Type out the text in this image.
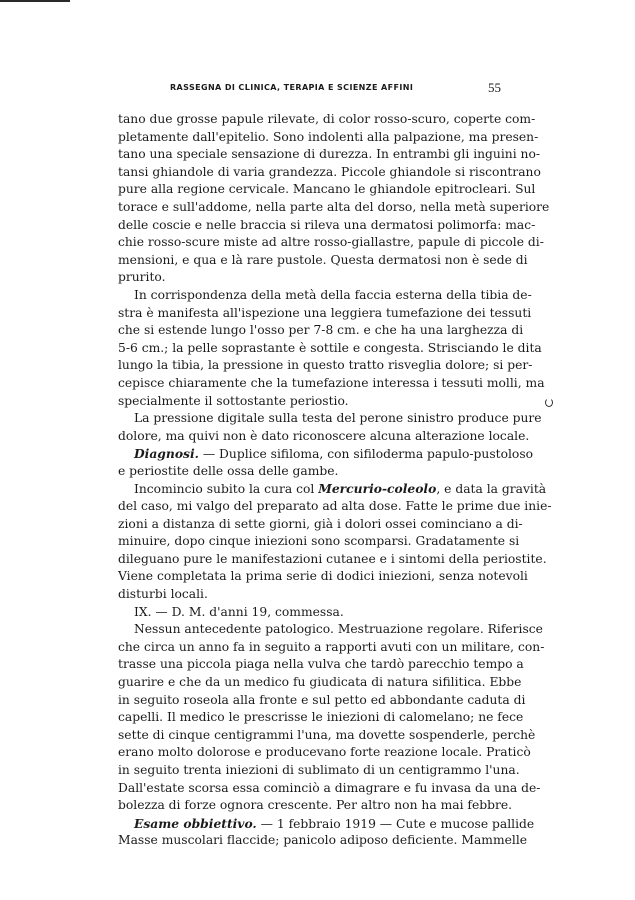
RASSEGNA DI CLINICA, TERAPIA E SCIENZE AFFINI	55
tano due grosse papule rilevate, di color rosso-scuro, coperte com-
pletamente dall'epitelio. Sono indolenti alla palpazione, ma presen-
tano una speciale sensazione di durezza. In entrambi gli inguini no-
tansi ghiandole di varia grandezza. Piccole ghiandole si riscontrano
pure alla regione cervicale. Mancano le ghiandole epitrocleari. Sul
torace e sull'addome, nella parte alta del dorso, nella metà superiore
delle coscie e nelle braccia si rileva una dermatosi polimorfa: mac-
chie rosso-scure miste ad altre rosso-giallastre, papule di piccole di-
mensioni, e qua e là rare pustole. Questa dermatosi non è sede di
prurito.
In corrispondenza della metà della faccia esterna della tibia de-
stra è manifesta all'ispezione una leggiera tumefazione dei tessuti
che si estende lungo l'osso per 7-8 cm. e che ha una larghezza di
5-6 cm.; la pelle soprastante è sottile e congesta. Strisciando le dita
lungo la tibia, la pressione in questo tratto risveglia dolore; si per-
cepisce chiaramente che la tumefazione interessa i tessuti molli, ma
specialmente il sottostante periostio.
La pressione digitale sulla testa del perone sinistro produce pure
dolore, ma quivi non è dato riconoscere alcuna alterazione locale.
Diagnosi. — Duplice sifiloma, con sifiloderma papulo-pustoloso
e periostite delle ossa delle gambe.
Incomincio subito la cura col Mercurio-coleolo, e data la gravità
del caso, mi valgo del preparato ad alta dose. Fatte le prime due inie-
zioni a distanza di sette giorni, già i dolori ossei cominciano a di-
minuire, dopo cinque iniezioni sono scomparsi. Gradatamente si
dileguano pure le manifestazioni cutanee e i sintomi della periostite.
Viene completata la prima serie di dodici iniezioni, senza notevoli
disturbi locali.
IX. — D. M. d'anni 19, commessa.
Nessun antecedente patologico. Mestruazione regolare. Riferisce
che circa un anno fa in seguito a rapporti avuti con un militare, con-
trasse una piccola piaga nella vulva che tardò parecchio tempo a
guarire e che da un medico fu giudicata di natura sifilitica. Ebbe
in seguito roseola alla fronte e sul petto ed abbondante caduta di
capelli. Il medico le prescrisse le iniezioni di calomelano; ne fece
sette di cinque centigrammi l'una, ma dovette sospenderle, perchè
erano molto dolorose e producevano forte reazione locale. Praticò
in seguito trenta iniezioni di sublimato di un centigrammo l'una.
Dall'estate scorsa essa cominciò a dimagrare e fu invasa da una de-
bolezza di forze ognora crescente. Per altro non ha mai febbre.
Esame obbiettivo. — 1 febbraio 1919 — Cute e mucose pallide
Masse muscolari flaccide; panicolo adiposo deficiente. Mammelle
